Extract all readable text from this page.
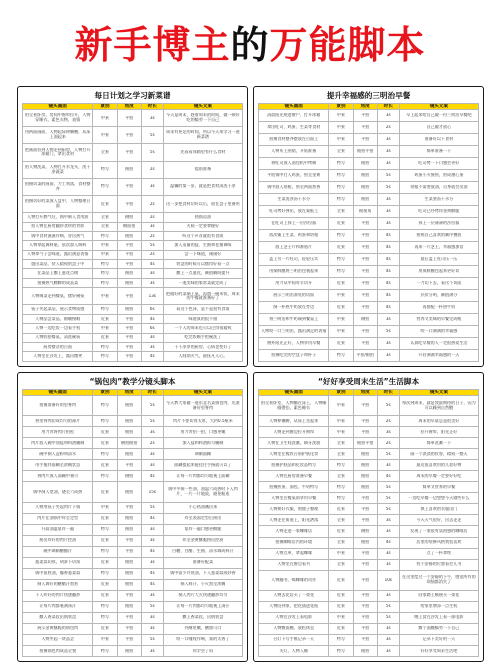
新手博主的万能脚本
每日计划之学习新菜谱
镜头画面	景别	角度	时长	镜头文案

拍全景卧房，房间中窗帘拉开，人物穿睡衣，素色衣物，表情	中景	平拍	3s	今天是周末，趁着周末的时间，做一顿好吃的犒劳一下自己

用两面画面，人物起床伸懒腰，从床上面起来	中景	平拍	5s	周末有充足的时间，所以今天来学习一道新菜谱

把画面拉到人物走到厨房，人物打开冰箱门，拿出食材	全景	平拍	5s	先看看冰箱里有什么食材

拍人物洗菜，人物打开水龙头，洗干净蔬菜	特写	俯拍	2s	提前准备

拍摄切菜的画面，刀工利落，食材整齐	特写	平拍	3s	温馨的第一步，就是把食材清洗干净

拍摄切好的菜放入盘中，人物整理台面	近景	平拍	2s	这一步把食材切好以后，放在盘子里备用

人物打开燃气灶，锅中倒入食用油	全景	侧拍	2s	热锅凉油

拍人物在厨房翻炒食材的背影	全景	侧面拍	3s	火候一定要掌握好

锅中食材滋滋作响，冒出热气	特写	俯拍	2s	听这个声音就很有食欲

人物拿起调料瓶，依次加入调料	中景	平拍	5s	加入适量的盐、生抽和老抽调味

人物拿勺子尝味道，露出满意表情	中景	平拍	2s	尝一下味道，刚刚好

盛出菜品，装入精致的盘子中	特写	平拍	4s	装盘的时候可以摆得好看一点

在菜品上撒上葱花点缀	特写	俯拍	3s	撒上一点葱花，颜值瞬间提升

拍摄热气腾腾的成品菜	特写	俯拍	3s	一道美味的家常菜就完成了

人物端菜走到餐桌，摆好碗筷	中景	平拍	13s	把做好的菜端上桌，再盛一碗米饭，周末的午餐就准备好了

筷子夹起菜品，展示食物质感	特写	俯拍	6s	看这个色泽，是不是很有食欲

人物品尝菜品，细嚼慢咽	近景	平拍	4s	味道真的很不错

人物一边吃饭一边看手机	中景	平拍	6s	一个人的周末也可以过得很精致

人物收拾餐桌，清洗碗筷	近景	平拍	3s	吃完饭顺手把碗洗了

厨房整洁的台面	特写	平拍	3s	干干净净的厨房，心情也变好了

人物坐在沙发上，露出微笑	特写	平拍	4s	人间烟火气，最抚凡人心。
提升幸福感的三明治早餐
镜头画面	景别	角度	时长	镜头文案

清晨阳光照进窗户，打开冰箱	中景	平拍	3s	早上起来给自己做一份三明治早餐吧

拿出吐司、鸡蛋、生菜等食材	中景	平拍	2s	自己做才放心

拍摄食材整齐摆放在台面上	中景	平拍	3s	准备好以下食材

人物系上围裙，开始准备	全景	俯拍平拍	3s	简单准备一下

将吐司放入面包机中烤制	特写	俯拍	3s	吐司烤一下口感会更好

平底锅中打入鸡蛋，煎至金黄	特写	俯拍	5s	鸡蛋小火慢煎，煎成溏心蛋

锅中放入培根，煎至两面焦香	特写	俯拍	5s	培根不需要放油，自身就会出油

生菜洗净沥干水分	特写	俯拍	3s	生菜要沥干水分

吐司烤好弹出，放在案板上	全景	俯视角	3s	吐司已经烤得金黄酥脆

在吐司上抹上一层沙拉酱	近景	平拍	3s	抹上一层薄薄的沙拉酱

依次铺上生菜、鸡蛋和培根	特写	平拍	4s	按照自己喜欢的顺序叠放

放上芝士片和番茄片	近景	平拍	4s	再来一片芝士，幸福感加倍

盖上另一片吐司，轻轻压实	特写	平拍	4s	最后盖上吐司压一压

用保鲜膜将三明治包裹起来	特写	平拍	4s	用保鲜膜包起来更好切

用刀从中间对半切开	近景	平拍	4s	一刀切下去，看这个切面

展示三明治漂亮的切面	中景	平拍	4s	层次分明，颜值满分

倒一杯热牛奶放在旁边	近景	平拍	4s	再搭配一杯热牛奶

将三明治和牛奶端到餐桌上	中景	侧拍	3s	营养又美味的早餐完成啦

人物咬一口三明治，露出满足的表情	中景	平拍	5s	咬一口满满的幸福感

窗外阳光正好，人物享用早餐	近景	平拍	3s	认真吃早餐的人一定很热爱生活

拍摄吃完的空盘子和杯子	特写	平拍/俯拍	3s	开启满满幸福感的一天
“锅包肉”教学分镜头脚本
镜头画面	景别	角度	时长	镜头文案

拍摄准备好的里脊肉	特写	俯拍	5s	今天教大家做一道东北名菜锅包肉，先准备好里脊肉

将里脊肉切成均匀的薄片	特写	俯拍	5s	肉片不要切得太厚，大约0.5厘米

用刀背将肉片拍松	近景	俯拍	3s	用刀背拍一拍，口感更嫩

肉片放入碗中加盐和料酒腌制	近景	侧拍俯拍	2s	加入盐和料酒抓匀腌制

碗中倒入淀粉和清水	特写	俯拍	3s	调制面糊

用手搅拌面糊至浓稠状态	近景	平拍	3s	面糊提起来能挂住手指就可以了

将肉片放入面糊中裹匀	特写	侧拍	4s	让每一片肉都均匀地裹上面糊

锅中倒入宽油，烧至六成热	近景	俯拍	15s	锅中多倒一些油，油温六成热时下入肉片，一片一片地放，避免粘连

人物用筷子夹起肉片下锅	中景	平拍	5s	小心热油溅出来

肉片在油锅中炸至定型	近景	俯拍	4s	炸至表面定型后捞出

升高油温复炸一遍	特写	俯拍	3s	复炸一遍口感更酥脆

捞出炸好的肉片控油	近景	平拍	3s	炸至金黄酥脆捞出控油

碗中调制糖醋汁	特写	平拍	4s	白糖、白醋、生抽、清水调成料汁

葱姜蒜切丝，胡萝卜切丝	近景	俯拍	3s	准备好配菜

锅中留底油，爆香葱姜蒜	特写	俯拍	4s	锅中留少许底油，下入葱姜蒜丝炒香

倒入调好的糖醋汁熬煮	近景	俯拍	4s	倒入料汁，小火熬至浓稠

下入炸好的肉片快速翻炒	近景	平拍	3s	倒入肉片大火快速翻炒均匀

让每片肉都裹满汤汁	特写	俯拍	5s	让每一片肉都均匀地裹上汤汁

撒入香菜段出锅装盘	特写	平拍	3s	撒上香菜段，出锅装盘

展示金黄酥脆的锅包肉	近景	平拍	3s	外酥里嫩，酸甜可口

人物夹起一块品尝	中景	平拍	5s	咬一口嘎吱作响，真的太香了

拍摄锅包肉成品全貌	特写	俯拍	3s	你学会了吗
“好好享受周末生活”生活脚本
镜头画面	景别	角度	时长	镜头文案

拍全景卧室，人物躺在床上，人物睡眼惺忪，素色睡衣	中景	平拍	5s	每次到周末，就是我最期待的日子，因为可以睡到自然醒

人物伸懒腰，从床上坐起来	中景	平拍	2s	周末的早晨总是很美好

人物走到窗边拉开窗帘	中景	平拍	3s	拉开窗帘，阳光正好

人物在卫生间洗漱，刷牙洗脸	全景	俯拍平拍	2s	简单洗漱一下

人物坐在梳妆台前护肤化妆	全景	俯拍	5s	画一个淡淡的妆容，精致一整天

拍摄护肤品和化妆品特写	特写	俯拍	3s	最近很喜欢用的几款好物

人物在厨房准备早餐	全景	俯拍	4s	周末的早餐一定要好好吃

拍摄煎蛋、面包、牛奶特写	特写	俯拍	5s	简单又营养的早餐

人物坐在餐桌前享用早餐	特写	平拍	5s	一边吃早餐一边想想今天做些什么

人物换好衣服，照镜子整理	近景	平拍	5s	换上喜欢的衣服出门

人物走在街道上，阳光洒落	全景	平拍	3s	今天天气很好，出去走走

人物走进一家咖啡店	近景	侧拍	3s	发现了一家很有氛围感的咖啡店

拍摄咖啡店内的环境	全景	俯拍	4s	店里的装修风格我很喜欢

人物点单，拿起咖啡	中景	平拍	3s	点了一杯拿铁

人物坐在窗边看书	全景	平拍	3s	找个安静的位置看会儿书

人物翻书、喝咖啡的动作	近景	平拍	10s	在这里度过一个安静的下午，感觉所有的烦恼都消失了

人物去花店买了一束花	近景	平拍	3s	回家路上顺便买一束花

人物回到家，把花插进花瓶	近景	平拍	5s	给家里增添一点生机

人物在沙发上看电影	中景	平拍	5s	晚上窝在沙发上看一部电影

人物敷面膜，放松休息	近景	平拍	3s	敷个面膜犒劳一下自己

台灯下写手账记录一天	特写	平拍	3s	记录下美好的一天

关灯，人物入睡	特写	俯拍	3s	好好享受周末生活吧
